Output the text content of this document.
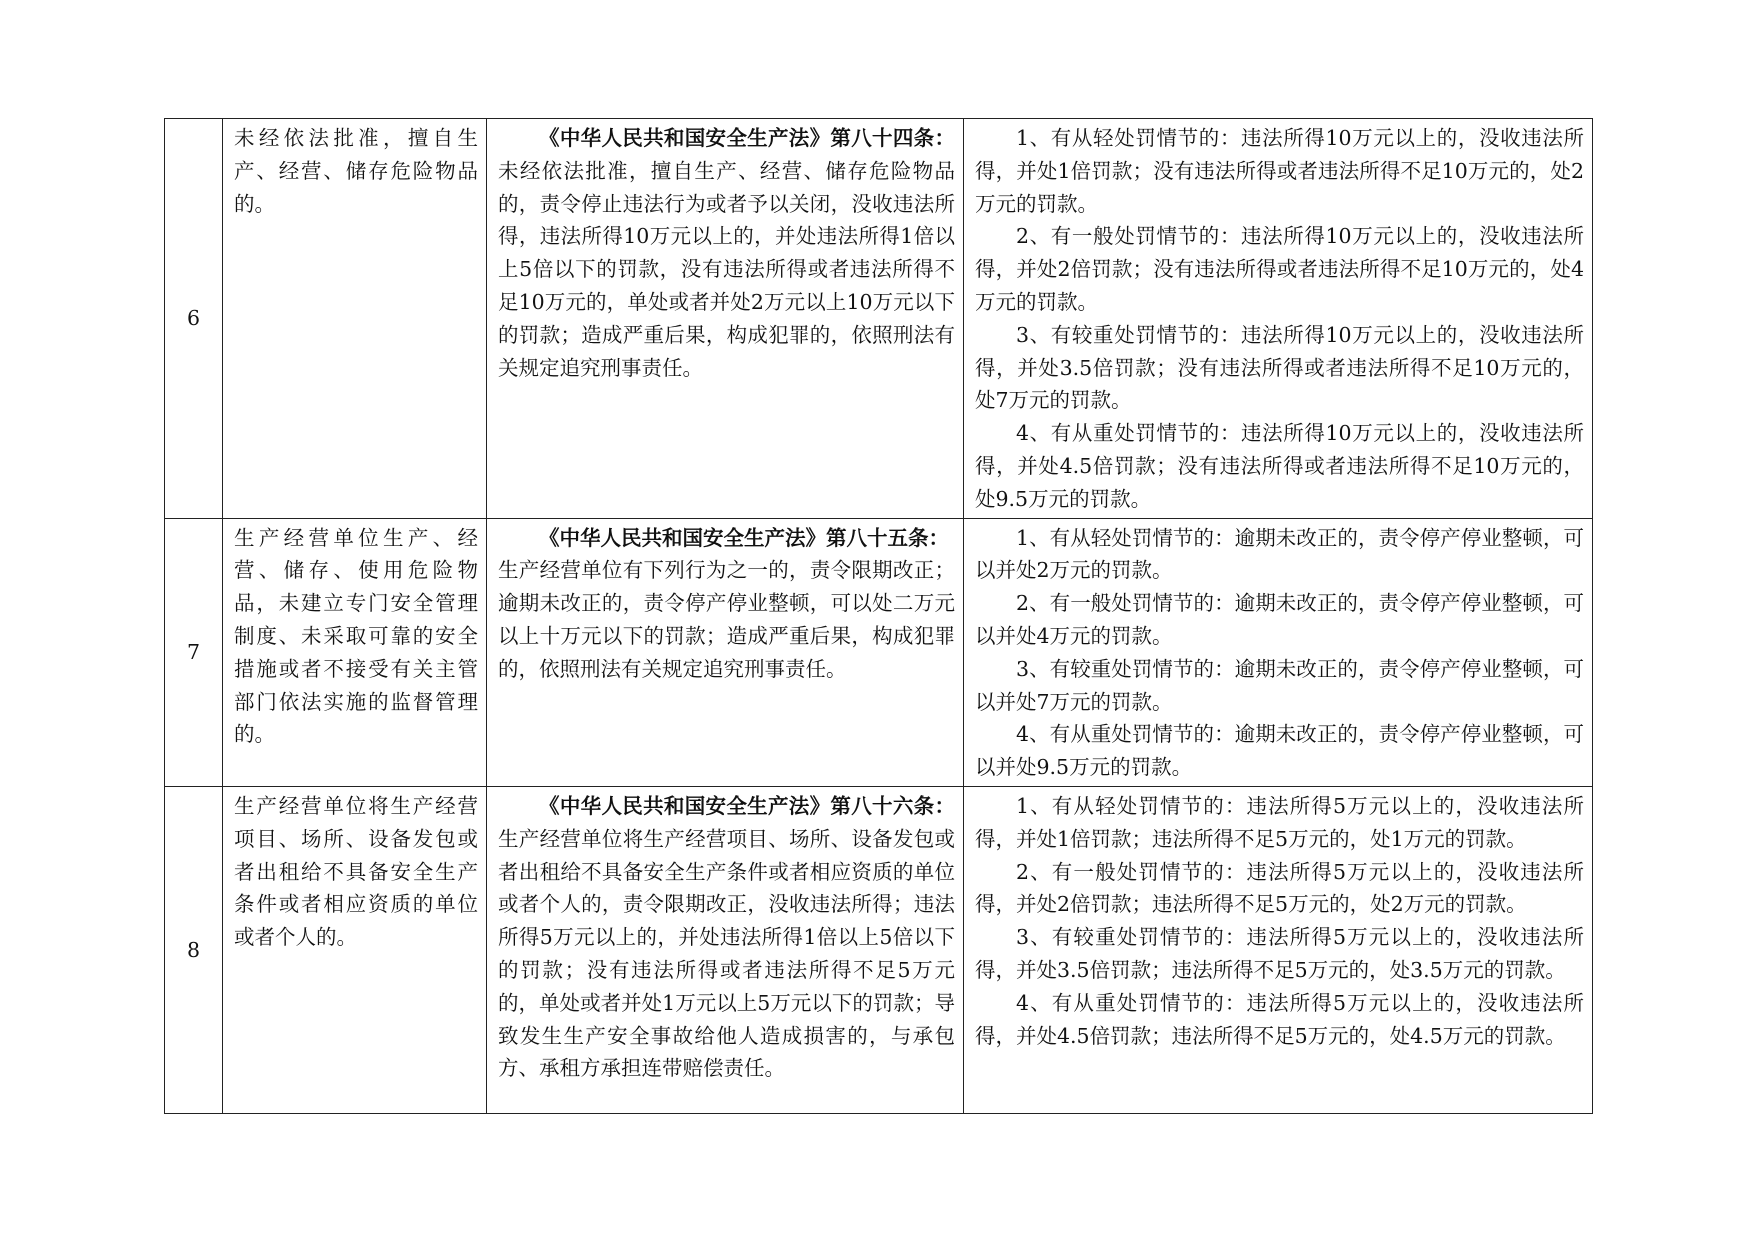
6	未经依法批准，擅自生产、经营、储存危险物品的。	《中华人民共和国安全生产法》第八十四条：未经依法批准，擅自生产、经营、储存危险物品的，责令停止违法行为或者予以关闭，没收违法所得，违法所得10万元以上的，并处违法所得1倍以上5倍以下的罚款，没有违法所得或者违法所得不足10万元的，单处或者并处2万元以上10万元以下的罚款；造成严重后果，构成犯罪的，依照刑法有关规定追究刑事责任。	1、有从轻处罚情节的：违法所得10万元以上的，没收违法所得，并处1倍罚款；没有违法所得或者违法所得不足10万元的，处2万元的罚款。
2、有一般处罚情节的：违法所得10万元以上的，没收违法所得，并处2倍罚款；没有违法所得或者违法所得不足10万元的，处4万元的罚款。
3、有较重处罚情节的：违法所得10万元以上的，没收违法所得，并处3.5倍罚款；没有违法所得或者违法所得不足10万元的，处7万元的罚款。
4、有从重处罚情节的：违法所得10万元以上的，没收违法所得，并处4.5倍罚款；没有违法所得或者违法所得不足10万元的，处9.5万元的罚款。

7	生产经营单位生产、经营、储存、使用危险物品，未建立专门安全管理制度、未采取可靠的安全措施或者不接受有关主管部门依法实施的监督管理的。	《中华人民共和国安全生产法》第八十五条：
生产经营单位有下列行为之一的，责令限期改正；逾期未改正的，责令停产停业整顿，可以处二万元以上十万元以下的罚款；造成严重后果，构成犯罪的，依照刑法有关规定追究刑事责任。	1、有从轻处罚情节的：逾期未改正的，责令停产停业整顿，可以并处2万元的罚款。
2、有一般处罚情节的：逾期未改正的，责令停产停业整顿，可以并处4万元的罚款。
3、有较重处罚情节的：逾期未改正的，责令停产停业整顿，可以并处7万元的罚款。
4、有从重处罚情节的：逾期未改正的，责令停产停业整顿，可以并处9.5万元的罚款。

8	生产经营单位将生产经营项目、场所、设备发包或者出租给不具备安全生产条件或者相应资质的单位或者个人的。	《中华人民共和国安全生产法》第八十六条：生产经营单位将生产经营项目、场所、设备发包或者出租给不具备安全生产条件或者相应资质的单位或者个人的，责令限期改正，没收违法所得；违法所得5万元以上的，并处违法所得1倍以上5倍以下的罚款；没有违法所得或者违法所得不足5万元的，单处或者并处1万元以上5万元以下的罚款；导致发生生产安全事故给他人造成损害的，与承包方、承租方承担连带赔偿责任。	1、有从轻处罚情节的：违法所得5万元以上的，没收违法所得，并处1倍罚款；违法所得不足5万元的，处1万元的罚款。
2、有一般处罚情节的：违法所得5万元以上的，没收违法所得，并处2倍罚款；违法所得不足5万元的，处2万元的罚款。
3、有较重处罚情节的：违法所得5万元以上的，没收违法所得，并处3.5倍罚款；违法所得不足5万元的，处3.5万元的罚款。
4、有从重处罚情节的：违法所得5万元以上的，没收违法所得，并处4.5倍罚款；违法所得不足5万元的，处4.5万元的罚款。
